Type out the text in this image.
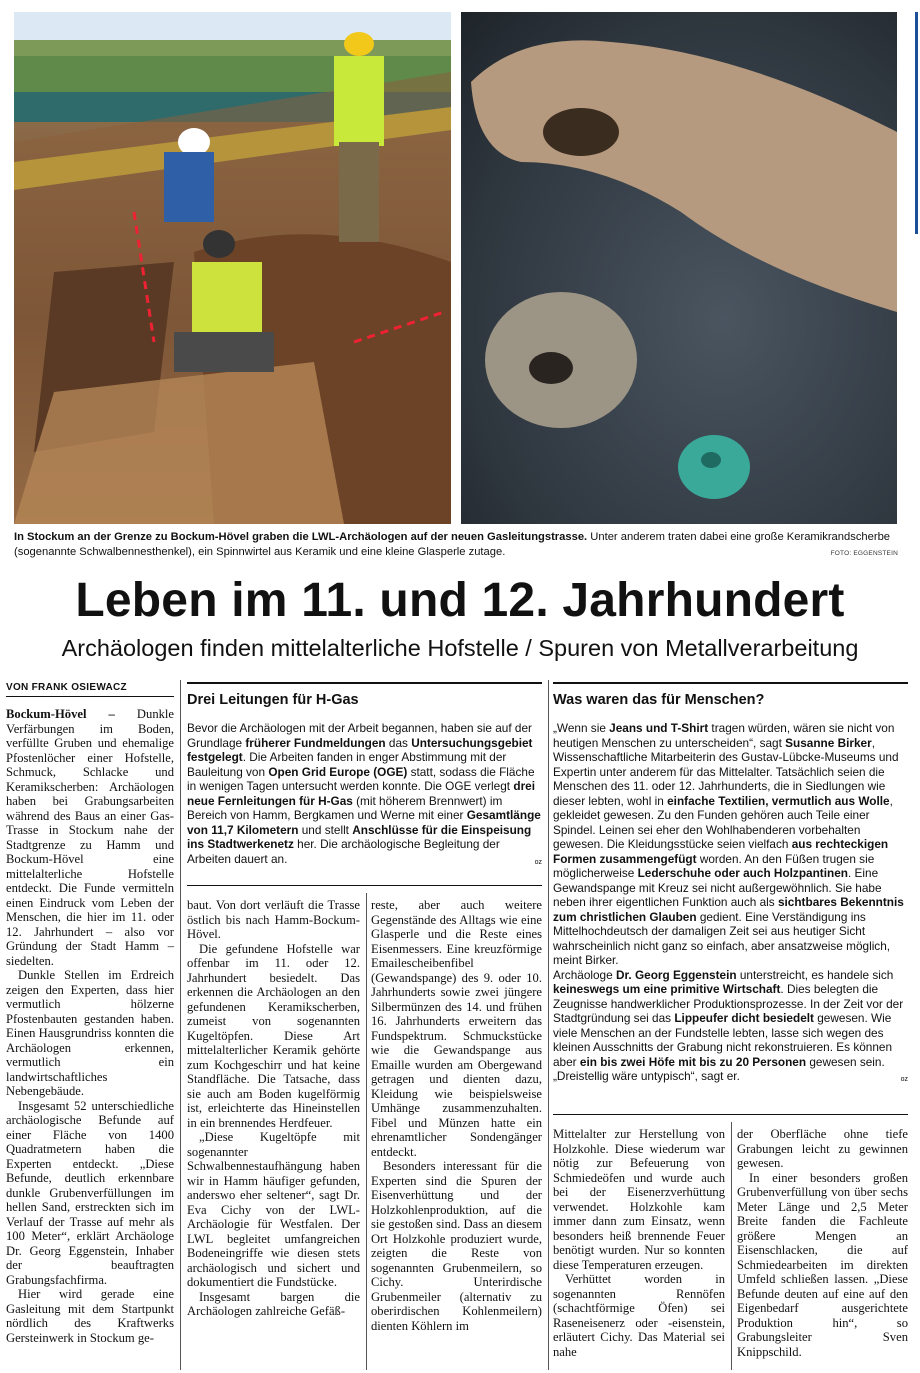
In Stockum an der Grenze zu Bockum-Hövel graben die LWL-Archäologen auf der neuen Gasleitungstrasse. Unter anderem traten dabei eine große Keramikrandscherbe (sogenannte Schwalbennesthenkel), ein Spinnwirtel aus Keramik und eine kleine Glasperle zutage.	FOTO: EGGENSTEIN
Leben im 11. und 12. Jahrhundert
Archäologen finden mittelalterliche Hofstelle / Spuren von Metallverarbeitung
VON FRANK OSIEWACZ

Bockum-Hövel – Dunkle Verfärbungen im Boden, verfüllte Gruben und ehemalige Pfostenlöcher einer Hofstelle, Schmuck, Schlacke und Keramikscherben: Archäologen haben bei Grabungsarbeiten während des Baus an einer Gas-Trasse in Stockum nahe der Stadtgrenze zu Hamm und Bockum-Hövel eine mittelalterliche Hofstelle entdeckt. Die Funde vermitteln einen Eindruck vom Leben der Menschen, die hier im 11. oder 12. Jahrhundert – also vor Gründung der Stadt Hamm – siedelten.

Dunkle Stellen im Erdreich zeigen den Experten, dass hier vermutlich hölzerne Pfostenbauten gestanden haben. Einen Hausgrundriss konnten die Archäologen erkennen, vermutlich ein landwirtschaftliches Nebengebäude.

Insgesamt 52 unterschiedliche archäologische Befunde auf einer Fläche von 1400 Quadratmetern haben die Experten entdeckt. „Diese Befunde, deutlich erkennbare dunkle Grubenverfüllungen im hellen Sand, erstreckten sich im Verlauf der Trasse auf mehr als 100 Meter“, erklärt Archäologe Dr. Georg Eggenstein, Inhaber der beauftragten Grabungsfachfirma.

Hier wird gerade eine Gasleitung mit dem Startpunkt nördlich des Kraftwerks Gersteinwerk in Stockum ge-

Drei Leitungen für H-Gas
Bevor die Archäologen mit der Arbeit begannen, haben sie auf der Grundlage früherer Fundmeldungen das Untersuchungsgebiet festgelegt. Die Arbeiten fanden in enger Abstimmung mit der Bauleitung von Open Grid Europe (OGE) statt, sodass die Fläche in wenigen Tagen untersucht werden konnte. Die OGE verlegt drei neue Fernleitungen für H-Gas (mit höherem Brennwert) im Bereich von Hamm, Bergkamen und Werne mit einer Gesamtlänge von 11,7 Kilometern und stellt Anschlüsse für die Einspeisung ins Stadtwerkenetz her. Die archäologische Begleitung der Arbeiten dauert an.	oz

baut. Von dort verläuft die Trasse östlich bis nach Hamm-Bockum-Hövel.

Die gefundene Hofstelle war offenbar im 11. oder 12. Jahrhundert besiedelt. Das erkennen die Archäologen an den gefundenen Keramikscherben, zumeist von sogenannten Kugeltöpfen. Diese Art mittelalterlicher Keramik gehörte zum Kochgeschirr und hat keine Standfläche. Die Tatsache, dass sie auch am Boden kugelförmig ist, erleichterte das Hineinstellen in ein brennendes Herdfeuer.

„Diese Kugeltöpfe mit sogenannter Schwalbennestaufhängung haben wir in Hamm häufiger gefunden, anderswo eher seltener“, sagt Dr. Eva Cichy von der LWL-Archäologie für Westfalen. Der LWL begleitet umfangreichen Bodeneingriffe wie diesen stets archäologisch und sichert und dokumentiert die Fundstücke.

Insgesamt bargen die Archäologen zahlreiche Gefäß-

reste, aber auch weitere Gegenstände des Alltags wie eine Glasperle und die Reste eines Eisenmessers. Eine kreuzförmige Emailescheibenfibel (Gewandspange) des 9. oder 10. Jahrhunderts sowie zwei jüngere Silbermünzen des 14. und frühen 16. Jahrhunderts erweitern das Fundspektrum. Schmuckstücke wie die Gewandspange aus Emaille wurden am Obergewand getragen und dienten dazu, Kleidung wie beispielsweise Umhänge zusammenzuhalten. Fibel und Münzen hatte ein ehrenamtlicher Sondengänger entdeckt.

Besonders interessant für die Experten sind die Spuren der Eisenverhüttung und der Holzkohlenproduktion, auf die sie gestoßen sind. Dass an diesem Ort Holzkohle produziert wurde, zeigten die Reste von sogenannten Grubenmeilern, so Cichy. Unterirdische Grubenmeiler (alternativ zu oberirdischen Kohlenmeilern) dienten Köhlern im

Was waren das für Menschen?
„Wenn sie Jeans und T-Shirt tragen würden, wären sie nicht von heutigen Menschen zu unterscheiden“, sagt Susanne Birker, Wissenschaftliche Mitarbeiterin des Gustav-Lübcke-Museums und Expertin unter anderem für das Mittelalter. Tatsächlich seien die Menschen des 11. oder 12. Jahrhunderts, die in Siedlungen wie dieser lebten, wohl in einfache Textilien, vermutlich aus Wolle, gekleidet gewesen. Zu den Funden gehören auch Teile einer Spindel. Leinen sei eher den Wohlhabenderen vorbehalten gewesen. Die Kleidungsstücke seien vielfach aus rechteckigen Formen zusammengefügt worden. An den Füßen trugen sie möglicherweise Lederschuhe oder auch Holzpantinen. Eine Gewandspange mit Kreuz sei nicht außergewöhnlich. Sie habe neben ihrer eigentlichen Funktion auch als sichtbares Bekenntnis zum christlichen Glauben gedient. Eine Verständigung ins Mittelhochdeutsch der damaligen Zeit sei aus heutiger Sicht wahrscheinlich nicht ganz so einfach, aber ansatzweise möglich, meint Birker.
Archäologe Dr. Georg Eggenstein unterstreicht, es handele sich keineswegs um eine primitive Wirtschaft. Dies belegten die Zeugnisse handwerklicher Produktionsprozesse. In der Zeit vor der Stadtgründung sei das Lippeufer dicht besiedelt gewesen. Wie viele Menschen an der Fundstelle lebten, lasse sich wegen des kleinen Ausschnitts der Grabung nicht rekonstruieren. Es können aber ein bis zwei Höfe mit bis zu 20 Personen gewesen sein. „Dreistellig wäre untypisch“, sagt er.	oz

Mittelalter zur Herstellung von Holzkohle. Diese wiederum war nötig zur Befeuerung von Schmiedeöfen und wurde auch bei der Eisenerzverhüttung verwendet. Holzkohle kam immer dann zum Einsatz, wenn besonders heiß brennende Feuer benötigt wurden. Nur so konnten diese Temperaturen erzeugen.

Verhüttet worden in sogenannten Rennöfen (schachtförmige Öfen) sei Raseneisenerz oder -eisenstein, erläutert Cichy. Das Material sei nahe

der Oberfläche ohne tiefe Grabungen leicht zu gewinnen gewesen.

In einer besonders großen Grubenverfüllung von über sechs Meter Länge und 2,5 Meter Breite fanden die Fachleute größere Mengen an Eisenschlacken, die auf Schmiedearbeiten im direkten Umfeld schließen lassen. „Diese Befunde deuten auf eine auf den Eigenbedarf ausgerichtete Produktion hin“, so Grabungsleiter Sven Knippschild.
